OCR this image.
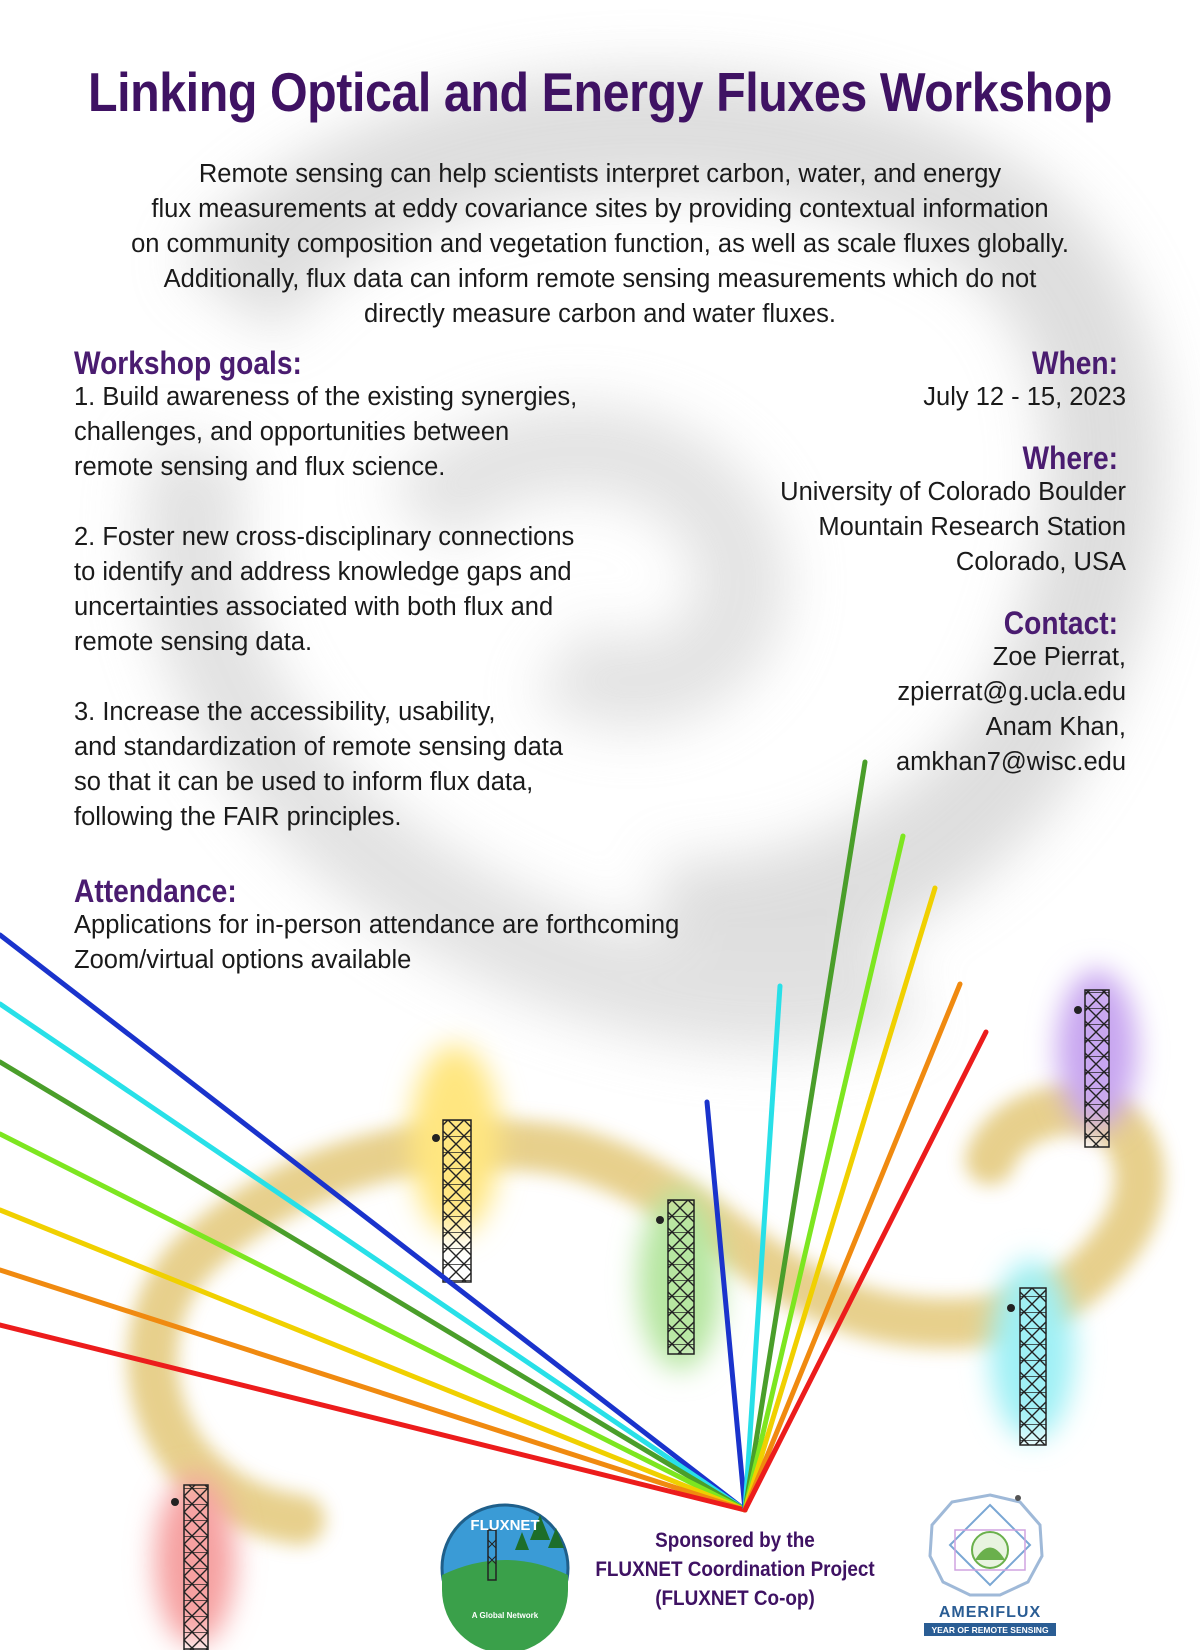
FLUXNET
A Global Network	AMERIFLUX
YEAR OF REMOTE SENSING
Linking Optical and Energy Fluxes Workshop
Remote sensing can help scientists interpret carbon, water, and energy
flux measurements at eddy covariance sites by providing contextual information
on community composition and vegetation function, as well as scale fluxes globally.
Additionally, flux data can inform remote sensing measurements which do not
directly measure carbon and water fluxes.
Workshop goals:
1. Build awareness of the existing synergies,
challenges, and opportunities between
remote sensing and flux science.
2. Foster new cross-disciplinary connections
to identify and address knowledge gaps and
uncertainties associated with both flux and
remote sensing data.
3. Increase the accessibility, usability,
and standardization of remote sensing data
so that it can be used to inform flux data,
following the FAIR principles.
Attendance:
Applications for in-person attendance are forthcoming
Zoom/virtual options available
When:
July 12 - 15, 2023
Where:
University of Colorado Boulder
Mountain Research Station
Colorado, USA
Contact:
Zoe Pierrat,
zpierrat@g.ucla.edu
Anam Khan,
amkhan7@wisc.edu
Sponsored by the
FLUXNET Coordination Project
(FLUXNET Co-op)
